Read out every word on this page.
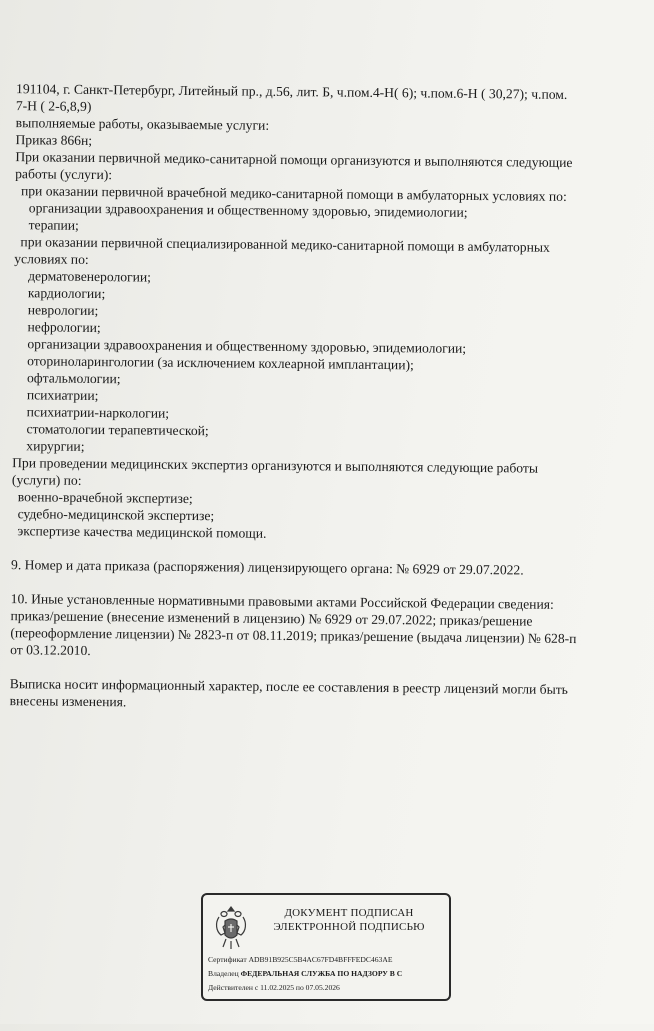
191104, г. Санкт-Петербург, Литейный пр., д.56, лит. Б, ч.пом.4-Н( 6); ч.пом.6-Н ( 30,27); ч.пом.
7-Н ( 2-6,8,9)
выполняемые работы, оказываемые услуги:
Приказ 866н;
При оказании первичной медико-санитарной помощи организуются и выполняются следующие
работы (услуги):
при оказании первичной врачебной медико-санитарной помощи в амбулаторных условиях по:
организации здравоохранения и общественному здоровью, эпидемиологии;
терапии;
при оказании первичной специализированной медико-санитарной помощи в амбулаторных
условиях по:
дерматовенерологии;
кардиологии;
неврологии;
нефрологии;
организации здравоохранения и общественному здоровью, эпидемиологии;
оториноларингологии (за исключением кохлеарной имплантации);
офтальмологии;
психиатрии;
психиатрии-наркологии;
стоматологии терапевтической;
хирургии;
При проведении медицинских экспертиз организуются и выполняются следующие работы
(услуги) по:
военно-врачебной экспертизе;
судебно-медицинской экспертизе;
экспертизе качества медицинской помощи.
9. Номер и дата приказа (распоряжения) лицензирующего органа: № 6929 от 29.07.2022.
10. Иные установленные нормативными правовыми актами Российской Федерации сведения:
приказ/решение (внесение изменений в лицензию) № 6929 от 29.07.2022; приказ/решение
(переоформление лицензии) № 2823-п от 08.11.2019; приказ/решение (выдача лицензии) № 628-п
от 03.12.2010.
Выписка носит информационный характер, после ее составления в реестр лицензий могли быть
внесены изменения.
ДОКУМЕНТ ПОДПИСАН
ЭЛЕКТРОННОЙ ПОДПИСЬЮ
Сертификат ADB91B925C5B4AC67FD4BFFFEDC463AE
Владелец ФЕДЕРАЛЬНАЯ СЛУЖБА ПО НАДЗОРУ В С
Действителен с 11.02.2025 по 07.05.2026
